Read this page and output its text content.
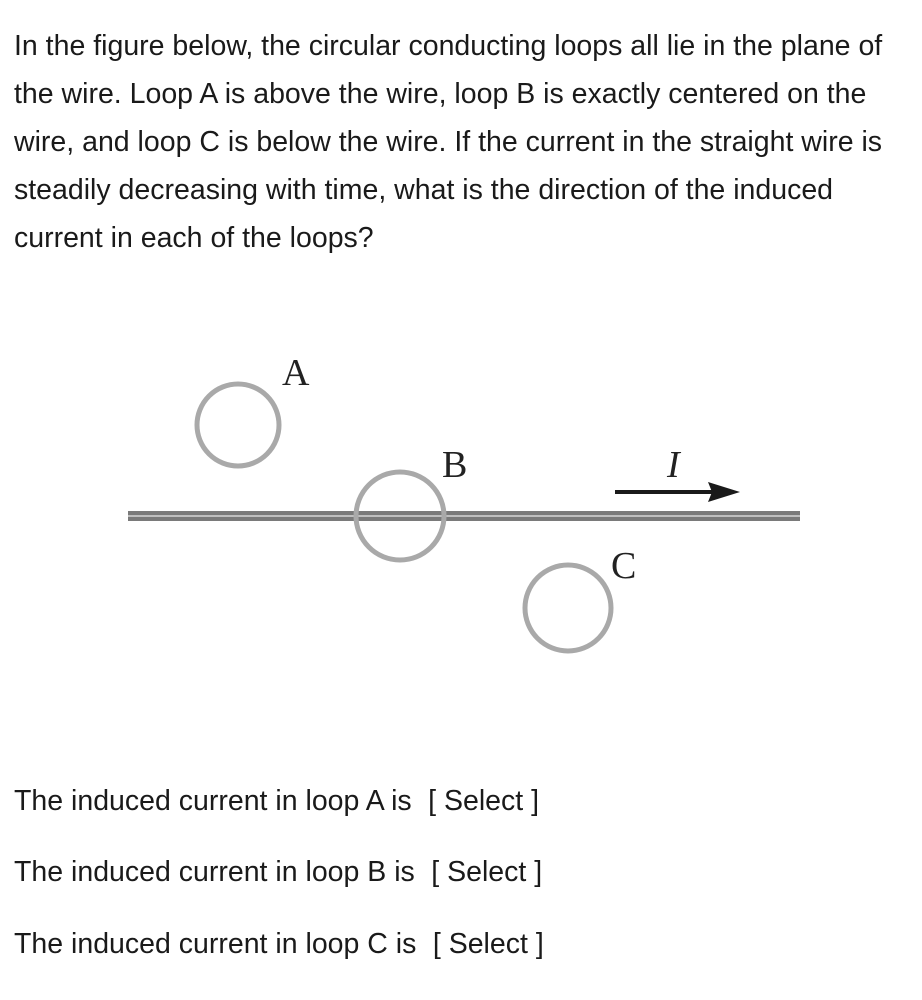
In the figure below, the circular conducting loops all lie in the plane of the wire. Loop A is above the wire, loop B is exactly centered on the wire, and loop C is below the wire. If the current in the straight wire is steadily decreasing with time, what is the direction of the induced current in each of the loops?

A
B
C
I
The induced current in loop A is [ Select ]
The induced current in loop B is [ Select ]
The induced current in loop C is [ Select ]
